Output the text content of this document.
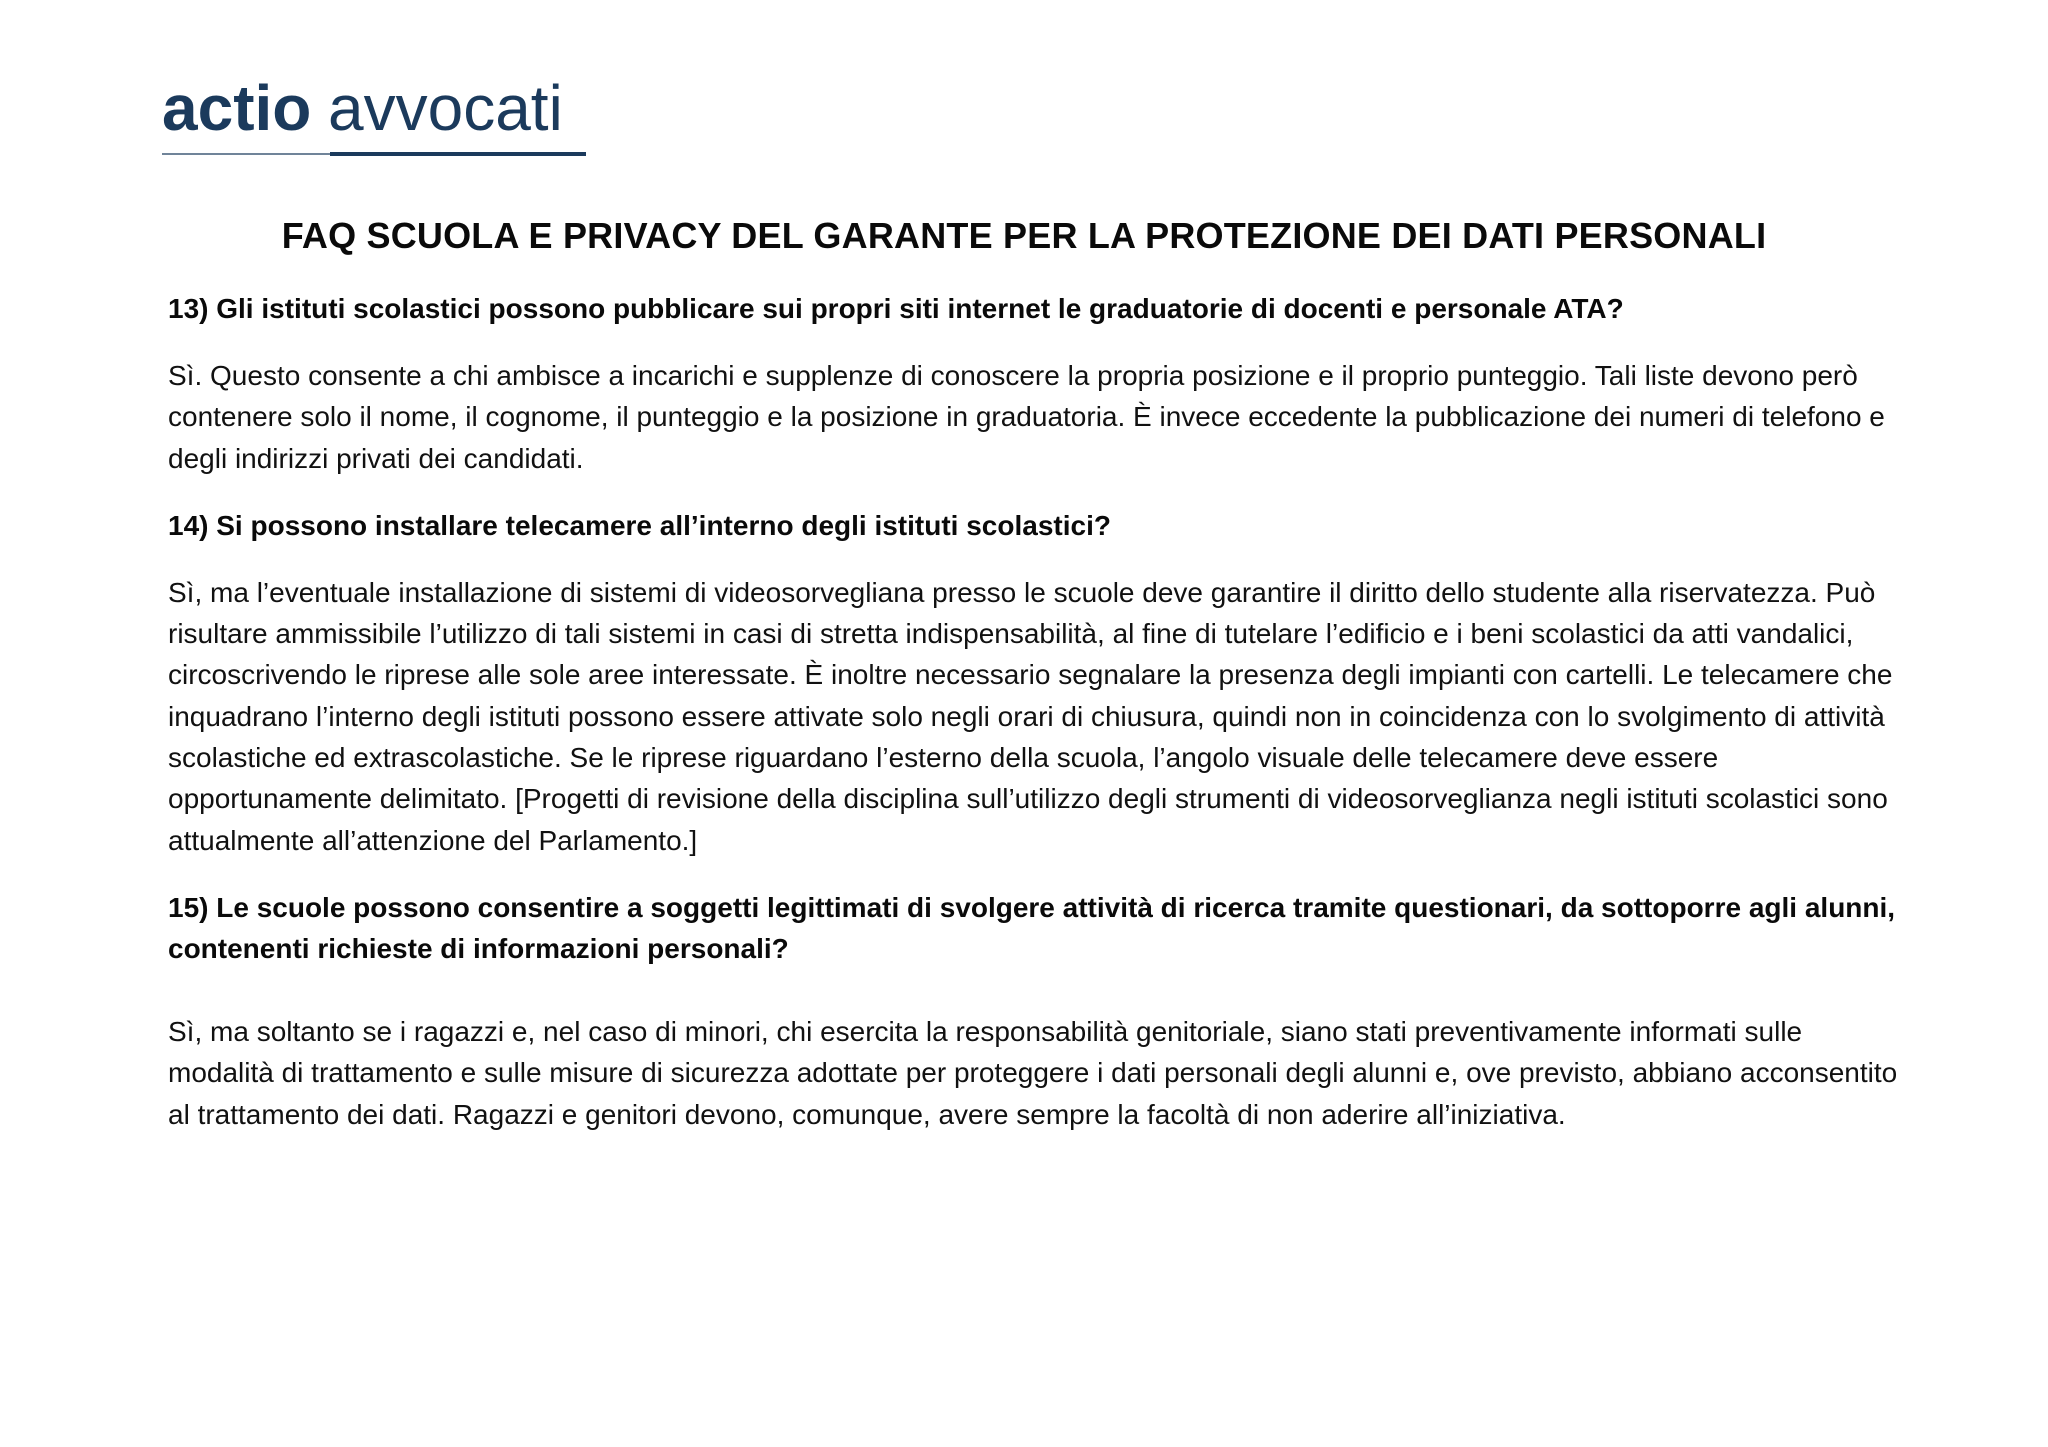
actio avvocati
FAQ SCUOLA E PRIVACY DEL GARANTE PER LA PROTEZIONE DEI DATI PERSONALI

13) Gli istituti scolastici possono pubblicare sui propri siti internet le graduatorie di docenti e personale ATA?

Sì. Questo consente a chi ambisce a incarichi e supplenze di conoscere la propria posizione e il proprio punteggio. Tali liste devono però contenere solo il nome, il cognome, il punteggio e la posizione in graduatoria. È invece eccedente la pubblicazione dei numeri di telefono e degli indirizzi privati dei candidati.

14) Si possono installare telecamere all’interno degli istituti scolastici?

Sì, ma l’eventuale installazione di sistemi di videosorvegliana presso le scuole deve garantire il diritto dello studente alla riservatezza. Può risultare ammissibile l’utilizzo di tali sistemi in casi di stretta indispensabilità, al fine di tutelare l’edificio e i beni scolastici da atti vandalici, circoscrivendo le riprese alle sole aree interessate. È inoltre necessario segnalare la presenza degli impianti con cartelli. Le telecamere che inquadrano l’interno degli istituti possono essere attivate solo negli orari di chiusura, quindi non in coincidenza con lo svolgimento di attività scolastiche ed extrascolastiche. Se le riprese riguardano l’esterno della scuola, l’angolo visuale delle telecamere deve essere opportunamente delimitato. [Progetti di revisione della disciplina sull’utilizzo degli strumenti di videosorveglianza negli istituti scolastici sono attualmente all’attenzione del Parlamento.]

15) Le scuole possono consentire a soggetti legittimati di svolgere attività di ricerca tramite questionari, da sottoporre agli alunni, contenenti richieste di informazioni personali?

Sì, ma soltanto se i ragazzi e, nel caso di minori, chi esercita la responsabilità genitoriale, siano stati preventivamente informati sulle modalità di trattamento e sulle misure di sicurezza adottate per proteggere i dati personali degli alunni e, ove previsto, abbiano acconsentito al trattamento dei dati. Ragazzi e genitori devono, comunque, avere sempre la facoltà di non aderire all’iniziativa.
